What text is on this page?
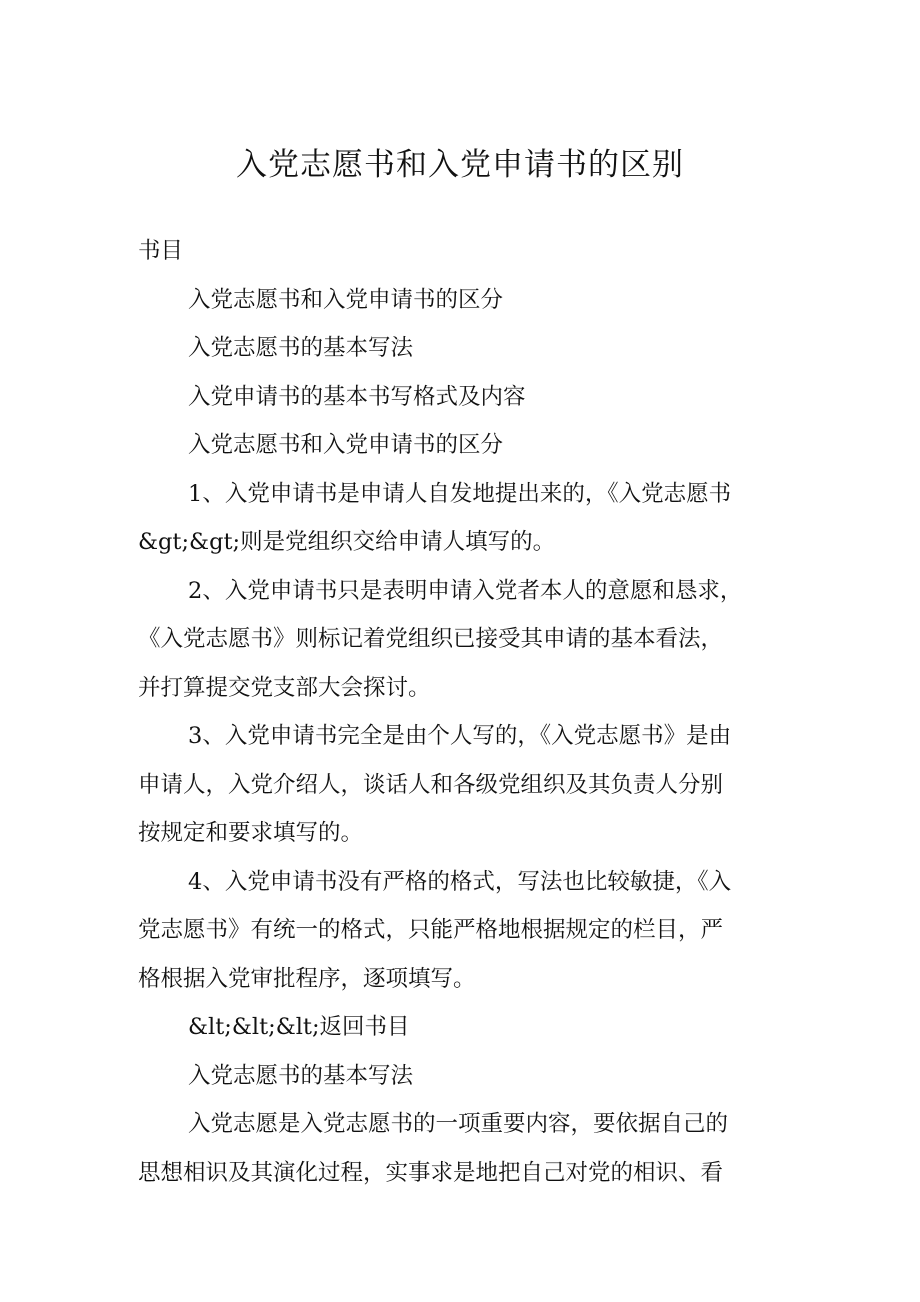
入党志愿书和入党申请书的区别

书目

入党志愿书和入党申请书的区分

入党志愿书的基本写法

入党申请书的基本书写格式及内容

入党志愿书和入党申请书的区分

1、入党申请书是申请人自发地提出来的，《入党志愿书
&gt;&gt;则是党组织交给申请人填写的。
2、入党申请书只是表明申请入党者本人的意愿和恳求，
《入党志愿书》则标记着党组织已接受其申请的基本看法，
并打算提交党支部大会探讨。
3、入党申请书完全是由个人写的，《入党志愿书》是由
申请人，入党介绍人，谈话人和各级党组织及其负责人分别
按规定和要求填写的。
4、入党申请书没有严格的格式，写法也比较敏捷，《入
党志愿书》有统一的格式，只能严格地根据规定的栏目，严
格根据入党审批程序，逐项填写。

&lt;&lt;&lt;返回书目

入党志愿书的基本写法

入党志愿是入党志愿书的一项重要内容，要依据自己的
思想相识及其演化过程，实事求是地把自己对党的相识、看
